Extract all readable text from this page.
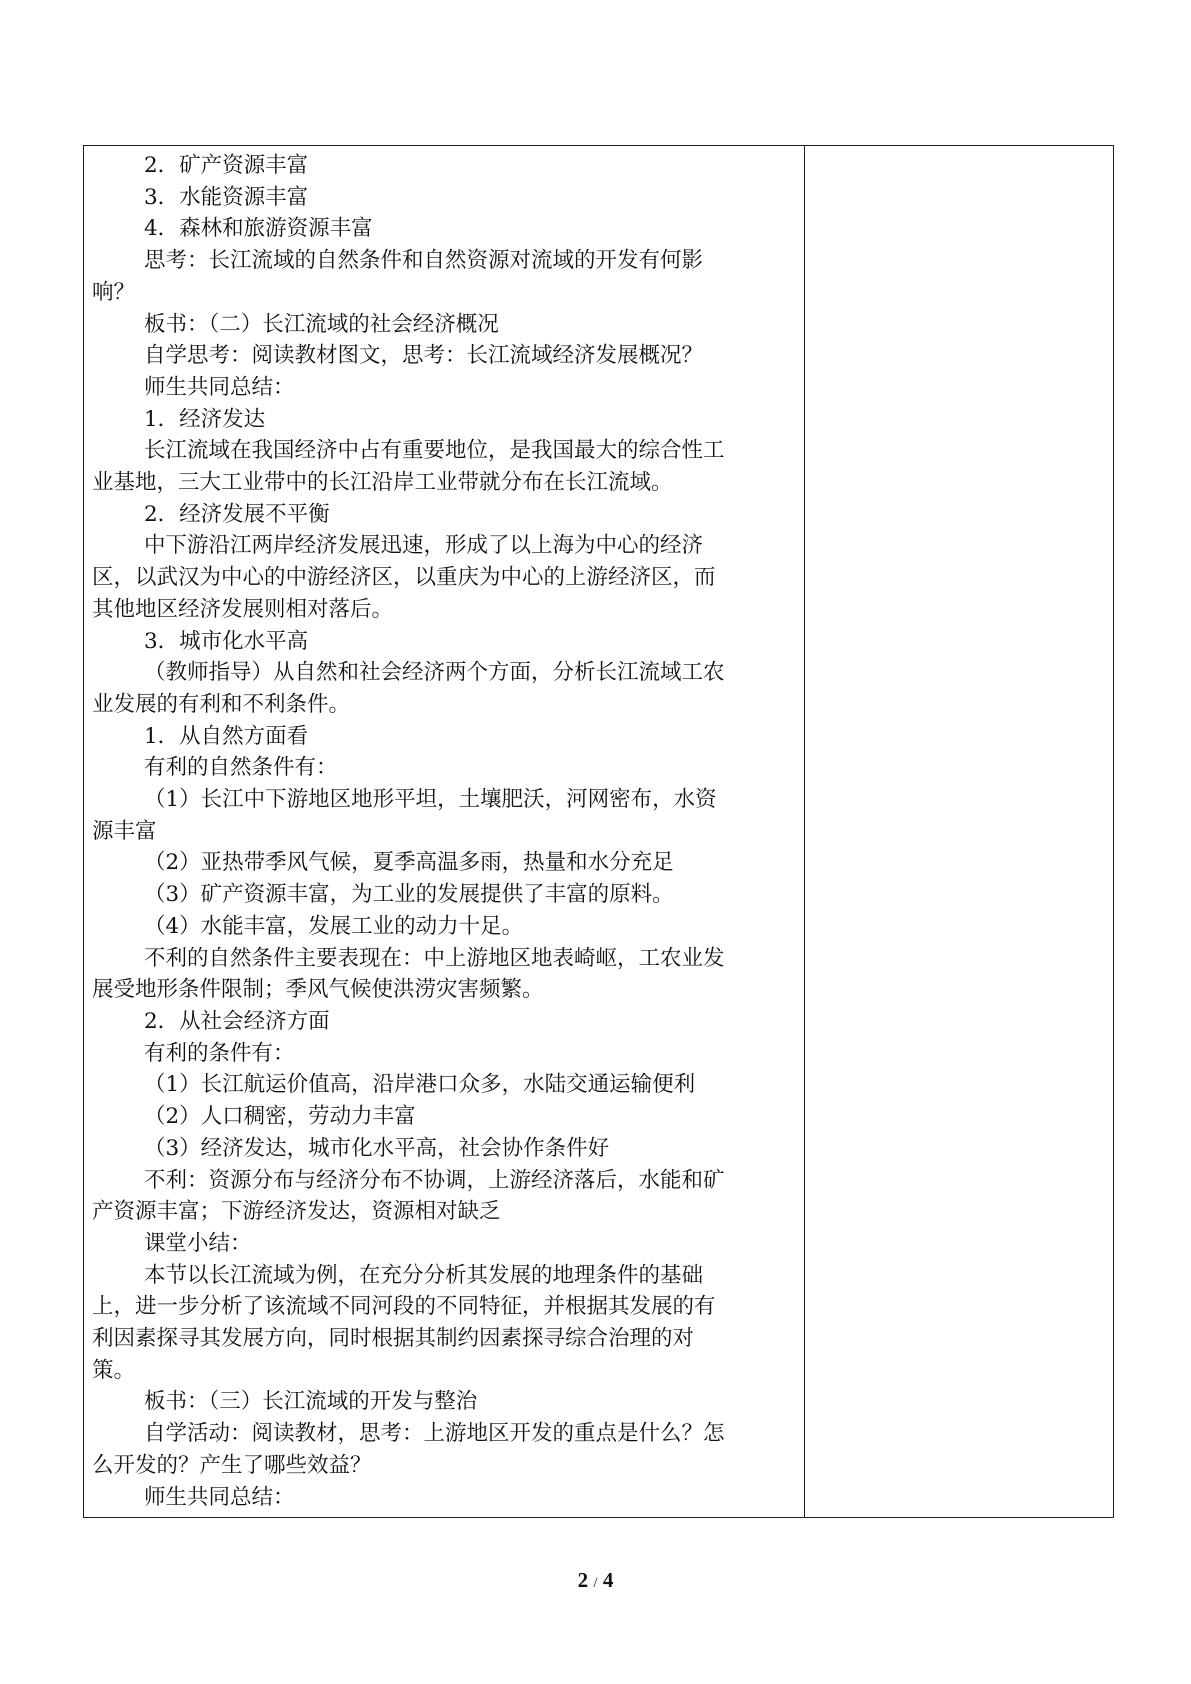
2．矿产资源丰富

3．水能资源丰富

4．森林和旅游资源丰富

思考：长江流域的自然条件和自然资源对流域的开发有何影

响？

板书：（二）长江流域的社会经济概况

自学思考：阅读教材图文，思考：长江流域经济发展概况？

师生共同总结：

1．经济发达

长江流域在我国经济中占有重要地位，是我国最大的综合性工

业基地，三大工业带中的长江沿岸工业带就分布在长江流域。

2．经济发展不平衡

中下游沿江两岸经济发展迅速，形成了以上海为中心的经济

区，以武汉为中心的中游经济区，以重庆为中心的上游经济区，而

其他地区经济发展则相对落后。

3．城市化水平高

（教师指导）从自然和社会经济两个方面，分析长江流域工农

业发展的有利和不利条件。

1．从自然方面看

有利的自然条件有：

（1）长江中下游地区地形平坦，土壤肥沃，河网密布，水资

源丰富

（2）亚热带季风气候，夏季高温多雨，热量和水分充足

（3）矿产资源丰富，为工业的发展提供了丰富的原料。

（4）水能丰富，发展工业的动力十足。

不利的自然条件主要表现在：中上游地区地表崎岖，工农业发

展受地形条件限制；季风气候使洪涝灾害频繁。

2．从社会经济方面

有利的条件有：

（1）长江航运价值高，沿岸港口众多，水陆交通运输便利

（2）人口稠密，劳动力丰富

（3）经济发达，城市化水平高，社会协作条件好

不利：资源分布与经济分布不协调，上游经济落后，水能和矿

产资源丰富；下游经济发达，资源相对缺乏

课堂小结：

本节以长江流域为例，在充分分析其发展的地理条件的基础

上，进一步分析了该流域不同河段的不同特征，并根据其发展的有

利因素探寻其发展方向，同时根据其制约因素探寻综合治理的对

策。

板书：（三）长江流域的开发与整治

自学活动：阅读教材，思考：上游地区开发的重点是什么？怎

么开发的？产生了哪些效益？

师生共同总结：

2 / 4
